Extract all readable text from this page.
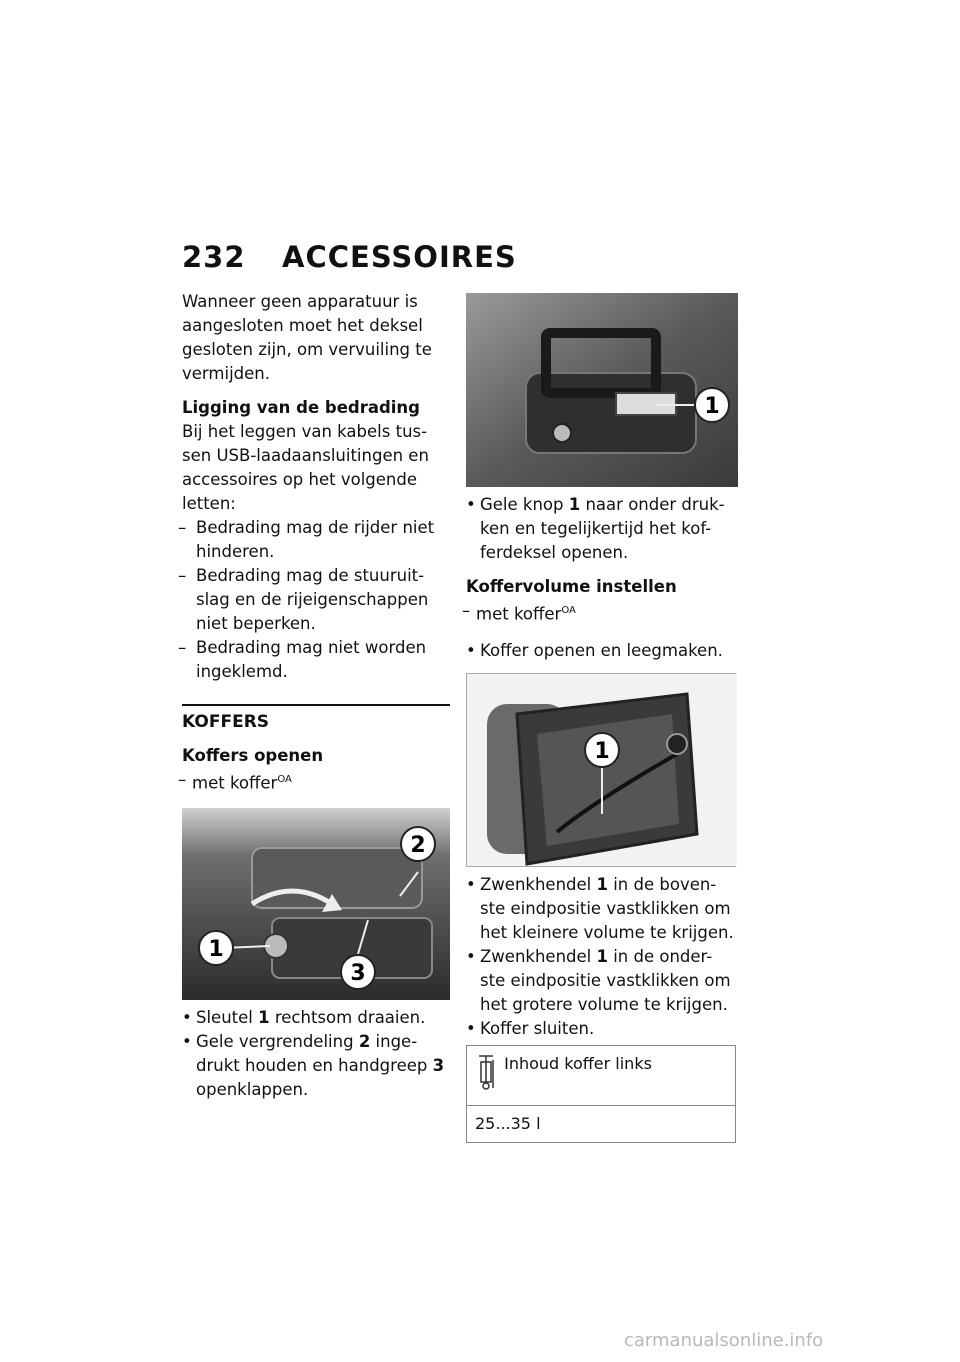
232 ACCESSOIRES

Wanneer geen apparatuur is aangesloten moet het deksel gesloten zijn, om vervuiling te vermijden.

Ligging van de bedrading

Bij het leggen van kabels tus- sen USB-laadaansluitingen en accessoires op het volgende letten:

– Bedrading mag de rijder niet hinderen.
– Bedrading mag de stuuruit- slag en de rijeigenschappen niet beperken.
– Bedrading mag niet worden ingeklemd.

KOFFERS

Koffers openen

– met koffer$^{OA}$

1
2
3
• Sleutel 1 rechtsom draaien.
• Gele vergrendeling 2 inge- drukt houden en handgreep 3 openklappen.
1
• Gele knop 1 naar onder druk- ken en tegelijkertijd het kof- ferdeksel openen.

Koffervolume instellen

– met koffer$^{OA}$

• Koffer openen en leegmaken.
1
• Zwenkhendel 1 in de boven- ste eindpositie vastklikken om het kleinere volume te krijgen.
• Zwenkhendel 1 in de onder- ste eindpositie vastklikken om het grotere volume te krijgen.
• Koffer sluiten.
Inhoud koffer links
25...35 l
carmanualsonline.info
